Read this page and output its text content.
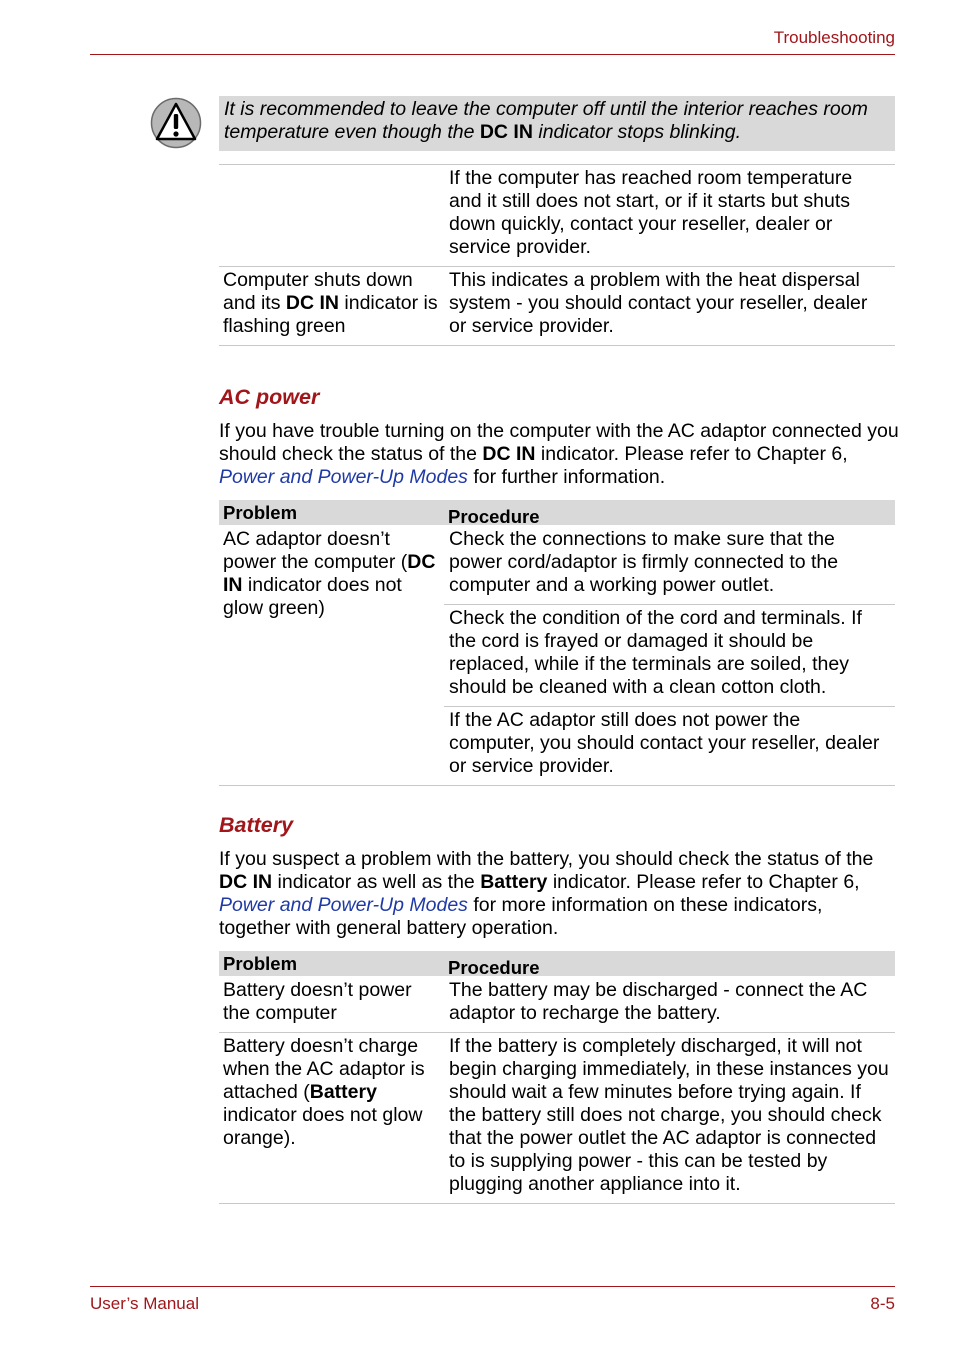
Troubleshooting
It is recommended to leave the computer off until the interior reaches room temperature even though the DC IN indicator stops blinking.
	If the computer has reached room temperature and it still does not start, or if it starts but shuts down quickly, contact your reseller, dealer or service provider.
Computer shuts down and its DC IN indicator is flashing green	This indicates a problem with the heat dispersal system - you should contact your reseller, dealer or service provider.
AC power

If you have trouble turning on the computer with the AC adaptor connected you should check the status of the DC IN indicator. Please refer to Chapter 6, Power and Power-Up Modes for further information.

Problem	Procedure
AC adaptor doesn’t power the computer (DC IN indicator does not glow green)	Check the connections to make sure that the power cord/adaptor is firmly connected to the computer and a working power outlet.
	Check the condition of the cord and terminals. If the cord is frayed or damaged it should be replaced, while if the terminals are soiled, they should be cleaned with a clean cotton cloth.
	If the AC adaptor still does not power the computer, you should contact your reseller, dealer or service provider.
Battery

If you suspect a problem with the battery, you should check the status of the DC IN indicator as well as the Battery indicator. Please refer to Chapter 6, Power and Power-Up Modes for more information on these indicators, together with general battery operation.

Problem	Procedure
Battery doesn’t power the computer	The battery may be discharged - connect the AC adaptor to recharge the battery.
Battery doesn’t charge when the AC adaptor is attached (Battery indicator does not glow orange).	If the battery is completely discharged, it will not begin charging immediately, in these instances you should wait a few minutes before trying again. If the battery still does not charge, you should check that the power outlet the AC adaptor is connected to is supplying power - this can be tested by plugging another appliance into it.
User’s Manual	8-5
